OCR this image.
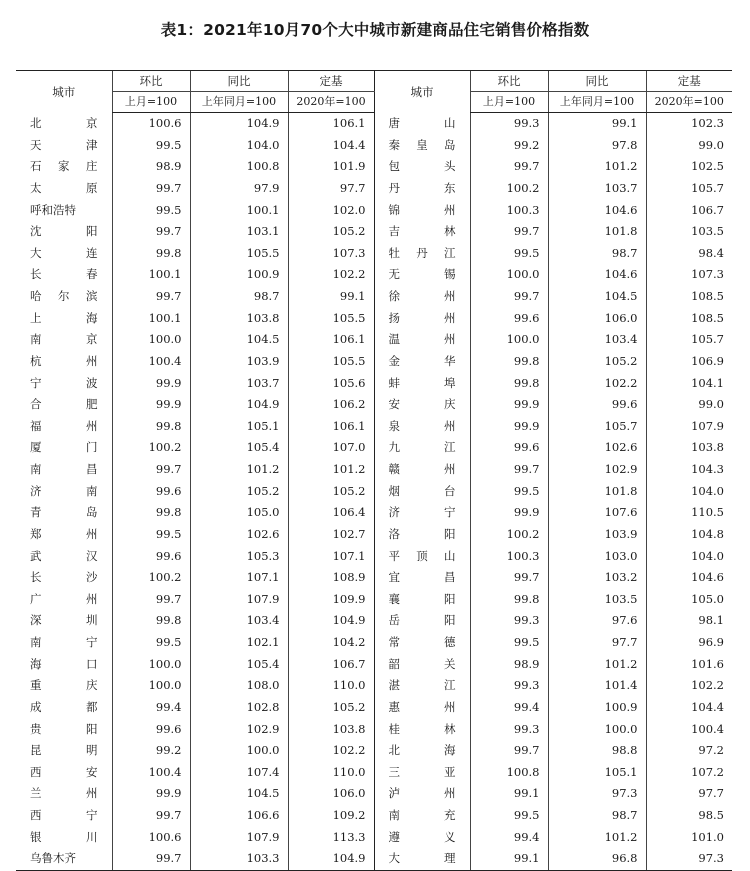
表1：2021年10月70个大中城市新建商品住宅销售价格指数
城市	环比	同比	定基	城市	环比	同比	定基
	上月=100	上年同月=100	2020年=100		上月=100	上年同月=100	2020年=100
北　京	100.6	104.9	106.1	唐　山	99.3	99.1	102.3
天　津	99.5	104.0	104.4	秦皇岛	99.2	97.8	99.0
石家庄	98.9	100.8	101.9	包　头	99.7	101.2	102.5
太　原	99.7	97.9	97.7	丹　东	100.2	103.7	105.7
呼和浩特	99.5	100.1	102.0	锦　州	100.3	104.6	106.7
沈　阳	99.7	103.1	105.2	吉　林	99.7	101.8	103.5
大　连	99.8	105.5	107.3	牡丹江	99.5	98.7	98.4
长　春	100.1	100.9	102.2	无　锡	100.0	104.6	107.3
哈尔滨	99.7	98.7	99.1	徐　州	99.7	104.5	108.5
上　海	100.1	103.8	105.5	扬　州	99.6	106.0	108.5
南　京	100.0	104.5	106.1	温　州	100.0	103.4	105.7
杭　州	100.4	103.9	105.5	金　华	99.8	105.2	106.9
宁　波	99.9	103.7	105.6	蚌　埠	99.8	102.2	104.1
合　肥	99.9	104.9	106.2	安　庆	99.9	99.6	99.0
福　州	99.8	105.1	106.1	泉　州	99.9	105.7	107.9
厦　门	100.2	105.4	107.0	九　江	99.6	102.6	103.8
南　昌	99.7	101.2	101.2	赣　州	99.7	102.9	104.3
济　南	99.6	105.2	105.2	烟　台	99.5	101.8	104.0
青　岛	99.8	105.0	106.4	济　宁	99.9	107.6	110.5
郑　州	99.5	102.6	102.7	洛　阳	100.2	103.9	104.8
武　汉	99.6	105.3	107.1	平顶山	100.3	103.0	104.0
长　沙	100.2	107.1	108.9	宜　昌	99.7	103.2	104.6
广　州	99.7	107.9	109.9	襄　阳	99.8	103.5	105.0
深　圳	99.8	103.4	104.9	岳　阳	99.3	97.6	98.1
南　宁	99.5	102.1	104.2	常　德	99.5	97.7	96.9
海　口	100.0	105.4	106.7	韶　关	98.9	101.2	101.6
重　庆	100.0	108.0	110.0	湛　江	99.3	101.4	102.2
成　都	99.4	102.8	105.2	惠　州	99.4	100.9	104.4
贵　阳	99.6	102.9	103.8	桂　林	99.3	100.0	100.4
昆　明	99.2	100.0	102.2	北　海	99.7	98.8	97.2
西　安	100.4	107.4	110.0	三　亚	100.8	105.1	107.2
兰　州	99.9	104.5	106.0	泸　州	99.1	97.3	97.7
西　宁	99.7	106.6	109.2	南　充	99.5	98.7	98.5
银　川	100.6	107.9	113.3	遵　义	99.4	101.2	101.0
乌鲁木齐	99.7	103.3	104.9	大　理	99.1	96.8	97.3
